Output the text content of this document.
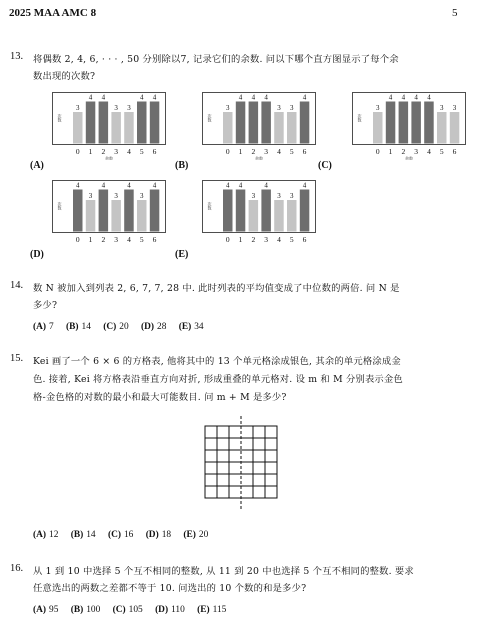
2025 MAA AMC 8	5
13. 将偶数 2, 4, 6, · · · , 50 分别除以7, 记录它们的余数. 问以下哪个直方图显示了每个余
数出现的次数?
次数
3
0
4
1
4
2
3
3
3
4
4
5
4
6
余数
次数
3
0
4
1
4
2
4
3
3
4
3
5
4
6
余数
次数
3
0
4
1
4
2
4
3
4
4
3
5
3
6
余数
次数
4
0
3
1
4
2
3
3
4
4
3
5
4
6
次数
4
0
4
1
3
2
4
3
3
4
3
5
4
6
(A)	(B)	(C)
(D)	(E)
14. 数 N 被加入到列表 2, 6, 7, 7, 28 中. 此时列表的平均值变成了中位数的两倍. 问 N 是
多少?
(A) 7 (B) 14 (C) 20 (D) 28 (E) 34
15. Kei 画了一个 6 × 6 的方格表, 他将其中的 13 个单元格涂成银色, 其余的单元格涂成金
色. 接着, Kei 将方格表沿垂直方向对折, 形成重叠的单元格对. 设 m 和 M 分别表示金色
格-金色格的对数的最小和最大可能数目. 问 m + M 是多少?
(A) 12 (B) 14 (C) 16 (D) 18 (E) 20
16. 从 1 到 10 中选择 5 个互不相同的整数, 从 11 到 20 中也选择 5 个互不相同的整数. 要求
任意选出的两数之差都不等于 10. 问选出的 10 个数的和是多少?
(A) 95 (B) 100 (C) 105 (D) 110 (E) 115
